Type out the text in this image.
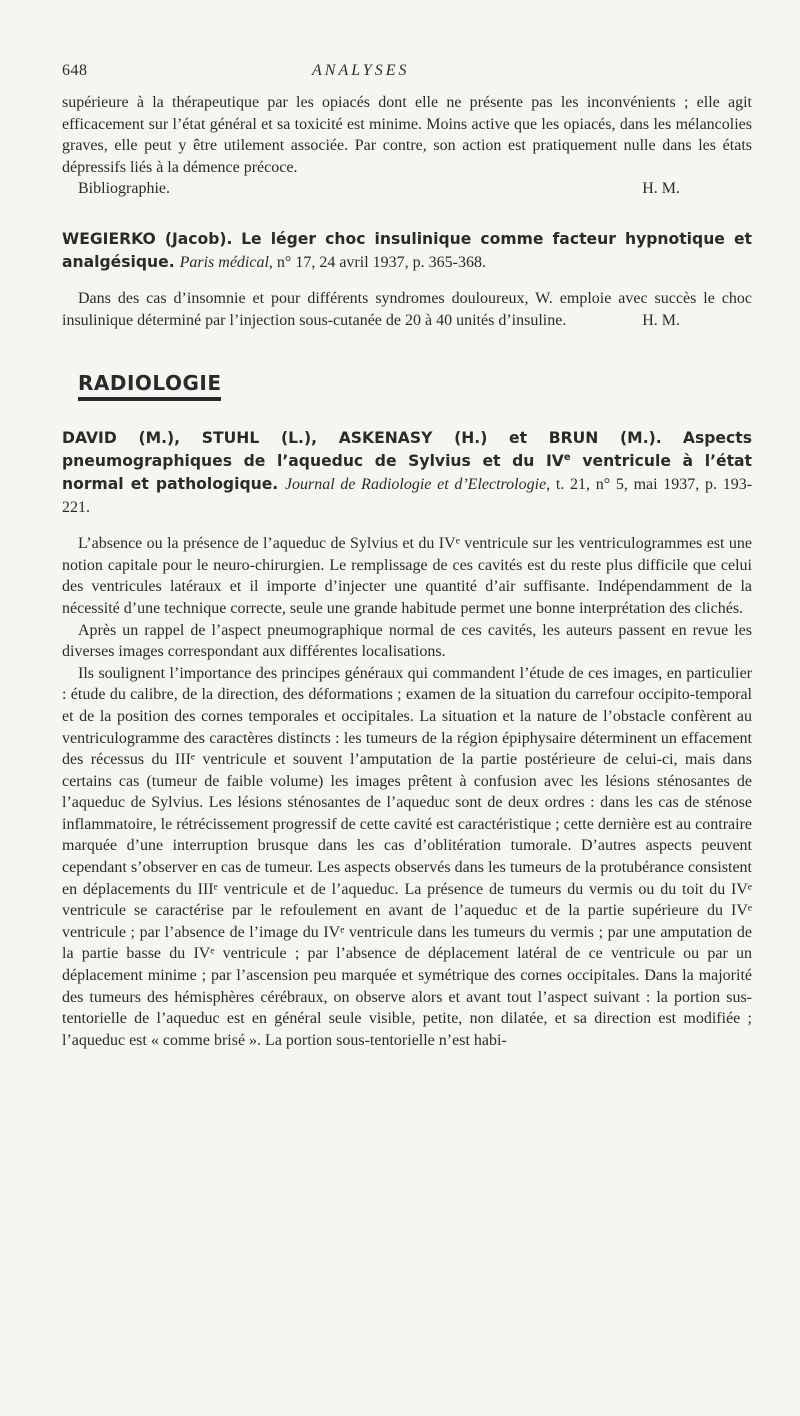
648	ANALYSES

supérieure à la thérapeutique par les opiacés dont elle ne présente pas les inconvénients ; elle agit efficacement sur l’état général et sa toxicité est minime. Moins active que les opiacés, dans les mélancolies graves, elle peut y être utilement associée. Par contre, son action est pratiquement nulle dans les états dépressifs liés à la démence précoce.

Bibliographie.	H. M.
WEGIERKO (Jacob). Le léger choc insulinique comme facteur hypnotique et analgésique. Paris médical, n° 17, 24 avril 1937, p. 365-368.

Dans des cas d’insomnie et pour différents syndromes douloureux, W. emploie avec succès le choc insulinique déterminé par l’injection sous-cutanée de 20 à 40 unités d’insuline.	H. M.
RADIOLOGIE
DAVID (M.), STUHL (L.), ASKENASY (H.) et BRUN (M.). Aspects pneumographiques de l’aqueduc de Sylvius et du IVe ventricule à l’état normal et pathologique. Journal de Radiologie et d’Electrologie, t. 21, n° 5, mai 1937, p. 193-221.

L’absence ou la présence de l’aqueduc de Sylvius et du IVᵉ ventricule sur les ventriculogrammes est une notion capitale pour le neuro-chirurgien. Le remplissage de ces cavités est du reste plus difficile que celui des ventricules latéraux et il importe d’injecter une quantité d’air suffisante. Indépendamment de la nécessité d’une technique correcte, seule une grande habitude permet une bonne interprétation des clichés.

Après un rappel de l’aspect pneumographique normal de ces cavités, les auteurs passent en revue les diverses images correspondant aux différentes localisations.

Ils soulignent l’importance des principes généraux qui commandent l’étude de ces images, en particulier : étude du calibre, de la direction, des déformations ; examen de la situation du carrefour occipito-temporal et de la position des cornes temporales et occipitales. La situation et la nature de l’obstacle confèrent au ventriculogramme des caractères distincts : les tumeurs de la région épiphysaire déterminent un effacement des récessus du IIIᵉ ventricule et souvent l’amputation de la partie postérieure de celui-ci, mais dans certains cas (tumeur de faible volume) les images prêtent à confusion avec les lésions sténosantes de l’aqueduc de Sylvius. Les lésions sténosantes de l’aqueduc sont de deux ordres : dans les cas de sténose inflammatoire, le rétrécissement progressif de cette cavité est caractéristique ; cette dernière est au contraire marquée d’une interruption brusque dans les cas d’oblitération tumorale. D’autres aspects peuvent cependant s’observer en cas de tumeur. Les aspects observés dans les tumeurs de la protubérance consistent en déplacements du IIIᵉ ventricule et de l’aqueduc. La présence de tumeurs du vermis ou du toit du IVᵉ ventricule se caractérise par le refoulement en avant de l’aqueduc et de la partie supérieure du IVᵉ ventricule ; par l’absence de l’image du IVᵉ ventricule dans les tumeurs du vermis ; par une amputation de la partie basse du IVᵉ ventricule ; par l’absence de déplacement latéral de ce ventricule ou par un déplacement minime ; par l’ascension peu marquée et symétrique des cornes occipitales. Dans la majorité des tumeurs des hémisphères cérébraux, on observe alors et avant tout l’aspect suivant : la portion sus-tentorielle de l’aqueduc est en général seule visible, petite, non dilatée, et sa direction est modifiée ; l’aqueduc est « comme brisé ». La portion sous-tentorielle n’est habi-
